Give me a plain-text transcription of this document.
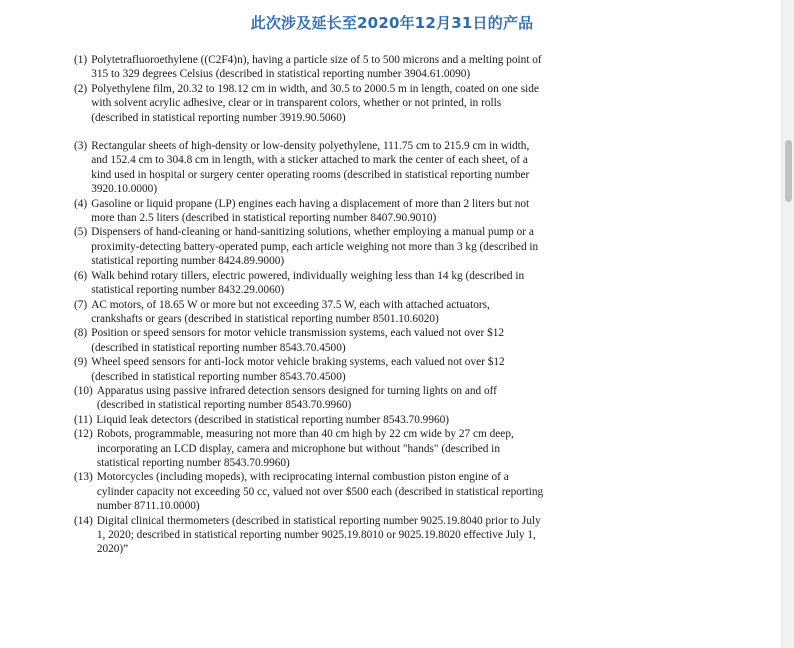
此次涉及延长至2020年12月31日的产品
(1) Polytetrafluoroethylene ((C2F4)n), having a particle size of 5 to 500 microns and a melting point of 315 to 329 degrees Celsius (described in statistical reporting number 3904.61.0090)
(2) Polyethylene film, 20.32 to 198.12 cm in width, and 30.5 to 2000.5 m in length, coated on one side with solvent acrylic adhesive, clear or in transparent colors, whether or not printed, in rolls (described in statistical reporting number 3919.90.5060)
(3) Rectangular sheets of high-density or low-density polyethylene, 111.75 cm to 215.9 cm in width, and 152.4 cm to 304.8 cm in length, with a sticker attached to mark the center of each sheet, of a kind used in hospital or surgery center operating rooms (described in statistical reporting number 3920.10.0000)
(4) Gasoline or liquid propane (LP) engines each having a displacement of more than 2 liters but not more than 2.5 liters (described in statistical reporting number 8407.90.9010)
(5) Dispensers of hand-cleaning or hand-sanitizing solutions, whether employing a manual pump or a proximity-detecting battery-operated pump, each article weighing not more than 3 kg (described in statistical reporting number 8424.89.9000)
(6) Walk behind rotary tillers, electric powered, individually weighing less than 14 kg (described in statistical reporting number 8432.29.0060)
(7) AC motors, of 18.65 W or more but not exceeding 37.5 W, each with attached actuators, crankshafts or gears (described in statistical reporting number 8501.10.6020)
(8) Position or speed sensors for motor vehicle transmission systems, each valued not over $12 (described in statistical reporting number 8543.70.4500)
(9) Wheel speed sensors for anti-lock motor vehicle braking systems, each valued not over $12 (described in statistical reporting number 8543.70.4500)
(10) Apparatus using passive infrared detection sensors designed for turning lights on and off (described in statistical reporting number 8543.70.9960)
(11) Liquid leak detectors (described in statistical reporting number 8543.70.9960)
(12) Robots, programmable, measuring not more than 40 cm high by 22 cm wide by 27 cm deep, incorporating an LCD display, camera and microphone but without "hands" (described in statistical reporting number 8543.70.9960)
(13) Motorcycles (including mopeds), with reciprocating internal combustion piston engine of a cylinder capacity not exceeding 50 cc, valued not over $500 each (described in statistical reporting number 8711.10.0000)
(14) Digital clinical thermometers (described in statistical reporting number 9025.19.8040 prior to July 1, 2020; described in statistical reporting number 9025.19.8010 or 9025.19.8020 effective July 1, 2020)”
